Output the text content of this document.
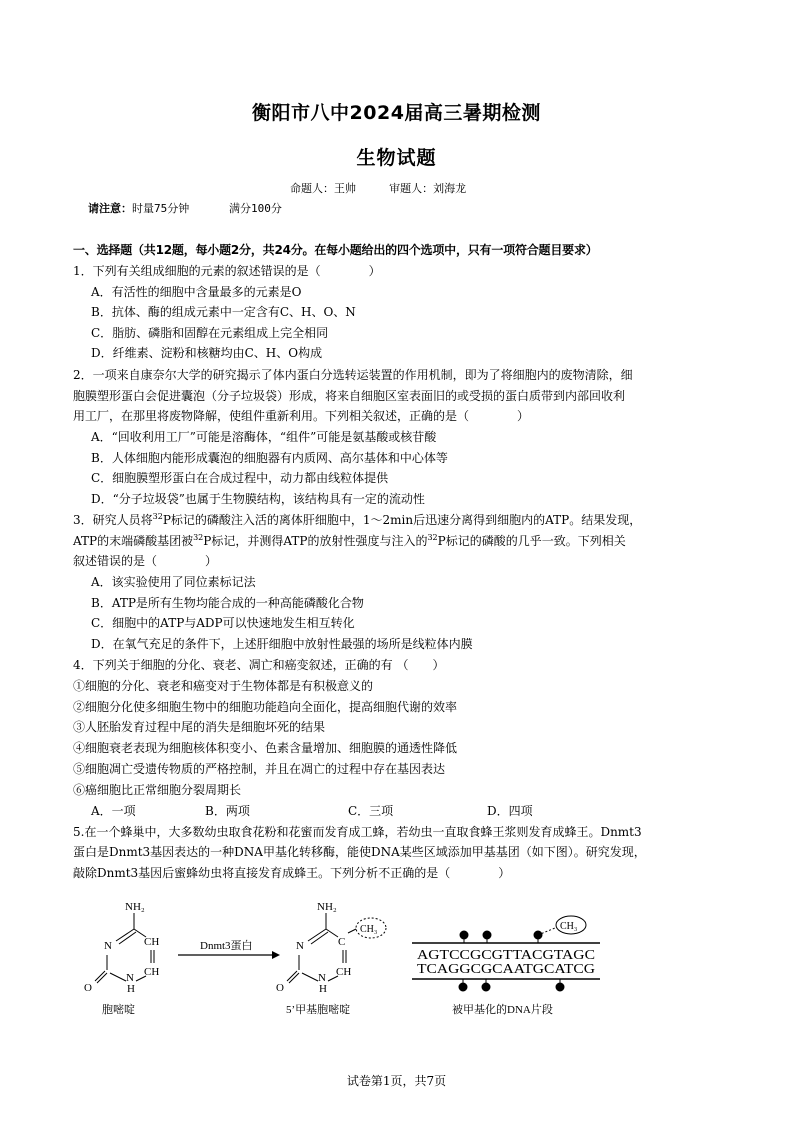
衡阳市八中2024届高三暑期检测
生物试题
命题人：王帅     审题人：刘海龙
请注意：时量75分钟      满分100分
一、选择题（共12题，每小题2分，共24分。在每小题给出的四个选项中，只有一项符合题目要求）
1．下列有关组成细胞的元素的叙述错误的是（　　　　）
A．有活性的细胞中含量最多的元素是O
B．抗体、酶的组成元素中一定含有C、H、O、N
C．脂肪、磷脂和固醇在元素组成上完全相同
D．纤维素、淀粉和核糖均由C、H、O构成
2．一项来自康奈尔大学的研究揭示了体内蛋白分选转运装置的作用机制，即为了将细胞内的废物清除，细
胞膜塑形蛋白会促进囊泡（分子垃圾袋）形成，将来自细胞区室表面旧的或受损的蛋白质带到内部回收利
用工厂，在那里将废物降解，使组件重新利用。下列相关叙述，正确的是（　　　　）
A．“回收利用工厂”可能是溶酶体，“组件”可能是氨基酸或核苷酸
B．人体细胞内能形成囊泡的细胞器有内质网、高尔基体和中心体等
C．细胞膜塑形蛋白在合成过程中，动力都由线粒体提供
D．“分子垃圾袋”也属于生物膜结构，该结构具有一定的流动性
3．研究人员将$^{32}$P标记的磷酸注入活的离体肝细胞中，1～2min后迅速分离得到细胞内的ATP。结果发现，
ATP的末端磷酸基团被$^{32}$P标记，并测得ATP的放射性强度与注入的$^{32}$P标记的磷酸的几乎一致。下列相关
叙述错误的是（　　　　）
A．该实验使用了同位素标记法
B．ATP是所有生物均能合成的一种高能磷酸化合物
C．细胞中的ATP与ADP可以快速地发生相互转化
D．在氧气充足的条件下，上述肝细胞中放射性最强的场所是线粒体内膜
4．下列关于细胞的分化、衰老、凋亡和癌变叙述，正确的有 （　　）
①细胞的分化、衰老和癌变对于生物体都是有积极意义的
②细胞分化使多细胞生物中的细胞功能趋向全面化，提高细胞代谢的效率
③人胚胎发育过程中尾的消失是细胞坏死的结果
④细胞衰老表现为细胞核体积变小、色素含量增加、细胞膜的通透性降低
⑤细胞凋亡受遗传物质的严格控制，并且在凋亡的过程中存在基因表达
⑥癌细胞比正常细胞分裂周期长
A．一项	B．两项	C．三项	D．四项
5.在一个蜂巢中，大多数幼虫取食花粉和花蜜而发育成工蜂，若幼虫一直取食蜂王浆则发育成蜂王。Dnmt3
蛋白是Dnmt3基因表达的一种DNA甲基化转移酶，能使DNA某些区域添加甲基基团（如下图）。研究发现，
敲除Dnmt3基因后蜜蜂幼虫将直接发育成蜂王。下列分析不正确的是（　　　　）
NH₂
N	CH
CH
N
H
O
胞嘧啶
Dnmt3蛋白
NH₂
N	C
CH₃
CH
N
H
O
5’甲基胞嘧啶
CH₃
AGTCCGCGTTACGTAGC
TCAGGCGCAATGCATCG
被甲基化的DNA片段
试卷第1页，共7页
